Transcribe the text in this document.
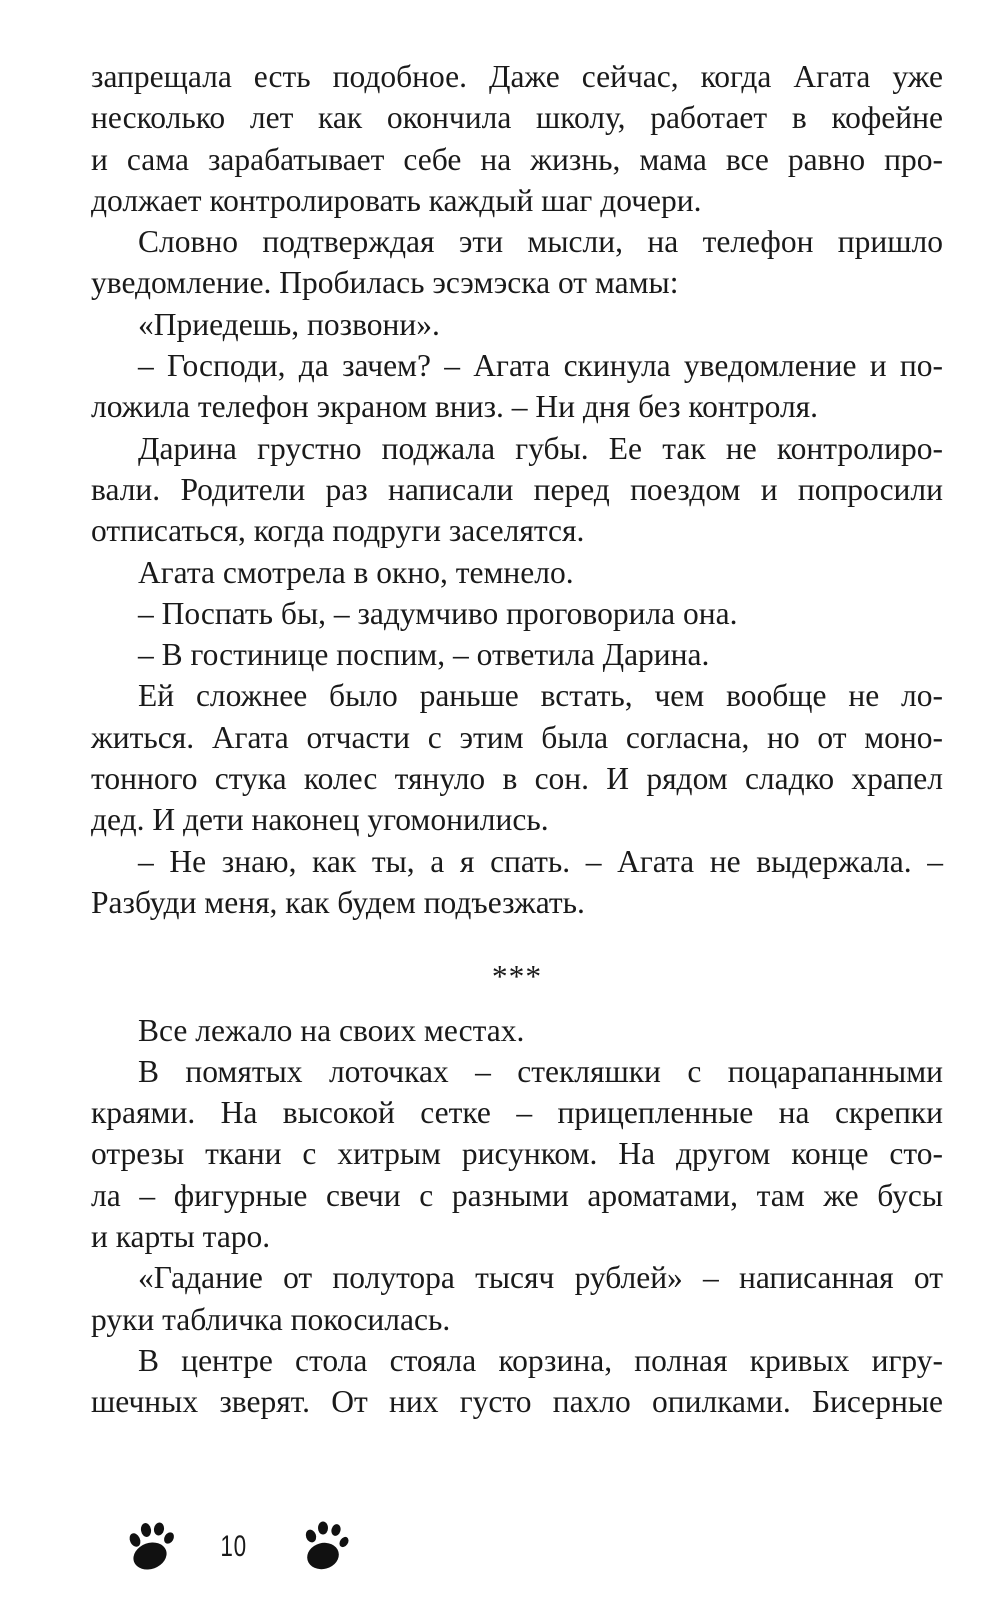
запрещала есть подобное. Даже сейчас, когда Агата уже
несколько лет как окончила школу, работает в кофейне
и сама зарабатывает себе на жизнь, мама все равно про-
должает контролировать каждый шаг дочери.
Словно подтверждая эти мысли, на телефон пришло
уведомление. Пробилась эсэмэска от мамы:
«Приедешь, позвони».
– Господи, да зачем? – Агата скинула уведомление и по-
ложила телефон экраном вниз. – Ни дня без контроля.
Дарина грустно поджала губы. Ее так не контролиро-
вали. Родители раз написали перед поездом и попросили
отписаться, когда подруги заселятся.
Агата смотрела в окно, темнело.
– Поспать бы, – задумчиво проговорила она.
– В гостинице поспим, – ответила Дарина.
Ей сложнее было раньше встать, чем вообще не ло-
житься. Агата отчасти с этим была согласна, но от моно-
тонного стука колес тянуло в сон. И рядом сладко храпел
дед. И дети наконец угомонились.
– Не знаю, как ты, а я спать. – Агата не выдержала. –
Разбуди меня, как будем подъезжать.
***
Все лежало на своих местах.
В помятых лоточках – стекляшки с поцарапанными
краями. На высокой сетке – прицепленные на скрепки
отрезы ткани с хитрым рисунком. На другом конце сто-
ла – фигурные свечи с разными ароматами, там же бусы
и карты таро.
«Гадание от полутора тысяч рублей» – написанная от
руки табличка покосилась.
В центре стола стояла корзина, полная кривых игру-
шечных зверят. От них густо пахло опилками. Бисерные
10
